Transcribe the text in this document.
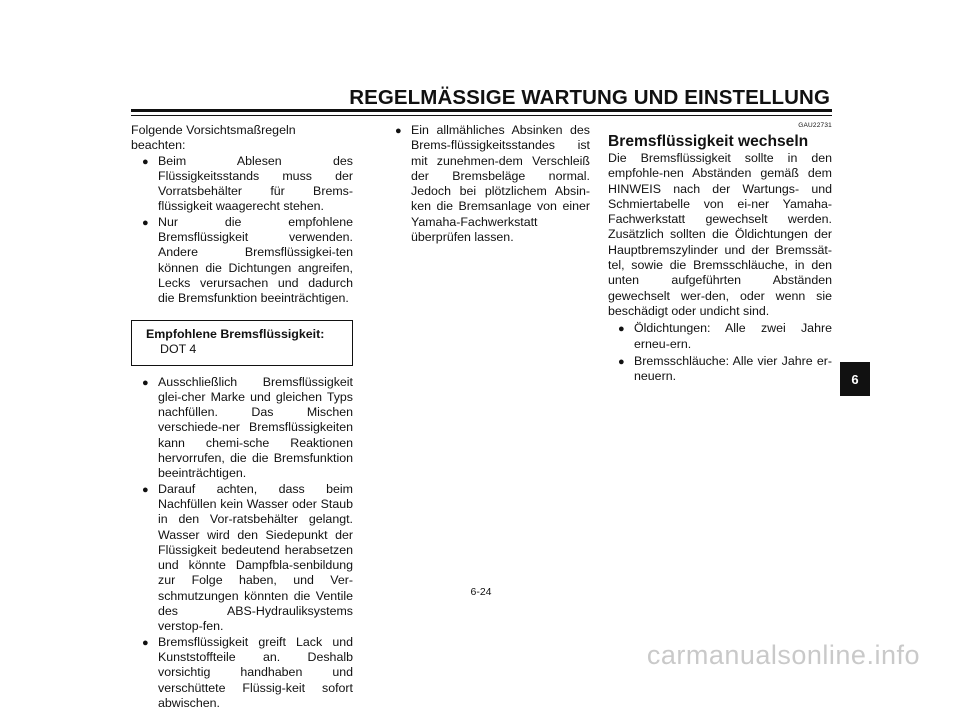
REGELMÄSSIGE WARTUNG UND EINSTELLUNG

Folgende Vorsichtsmaßregeln beachten:

● Beim Ablesen des Flüssigkeitsstands muss der Vorratsbehälter für Brems-flüssigkeit waagerecht stehen.
● Nur die empfohlene Bremsflüssigkeit verwenden. Andere Bremsflüssigkei-ten können die Dichtungen angreifen, Lecks verursachen und dadurch die Bremsfunktion beeinträchtigen.
Empfohlene Bremsflüssigkeit:
DOT 4
● Ausschließlich Bremsflüssigkeit glei-cher Marke und gleichen Typs nachfüllen. Das Mischen verschiede-ner Bremsflüssigkeiten kann chemi-sche Reaktionen hervorrufen, die die Bremsfunktion beeinträchtigen.
● Darauf achten, dass beim Nachfüllen kein Wasser oder Staub in den Vor-ratsbehälter gelangt. Wasser wird den Siedepunkt der Flüssigkeit bedeutend herabsetzen und könnte Dampfbla-senbildung zur Folge haben, und Ver-schmutzungen könnten die Ventile des ABS-Hydrauliksystems verstop-fen.
● Bremsflüssigkeit greift Lack und Kunststoffteile an. Deshalb vorsichtig handhaben und verschüttete Flüssig-keit sofort abwischen.
● Ein allmähliches Absinken des Brems-flüssigkeitsstandes ist mit zunehmen-dem Verschleiß der Bremsbeläge normal. Jedoch bei plötzlichem Absin-ken die Bremsanlage von einer Yamaha-Fachwerkstatt überprüfen lassen.
GAU22731
Bremsflüssigkeit wechseln

Die Bremsflüssigkeit sollte in den empfohle-nen Abständen gemäß dem HINWEIS nach der Wartungs- und Schmiertabelle von ei-ner Yamaha-Fachwerkstatt gewechselt werden. Zusätzlich sollten die Öldichtungen der Hauptbremszylinder und der Bremssät-tel, sowie die Bremsschläuche, in den unten aufgeführten Abständen gewechselt wer-den, oder wenn sie beschädigt oder undicht sind.

● Öldichtungen: Alle zwei Jahre erneu-ern.
● Bremsschläuche: Alle vier Jahre er-neuern.
6-24
6
carmanualsonline.info
